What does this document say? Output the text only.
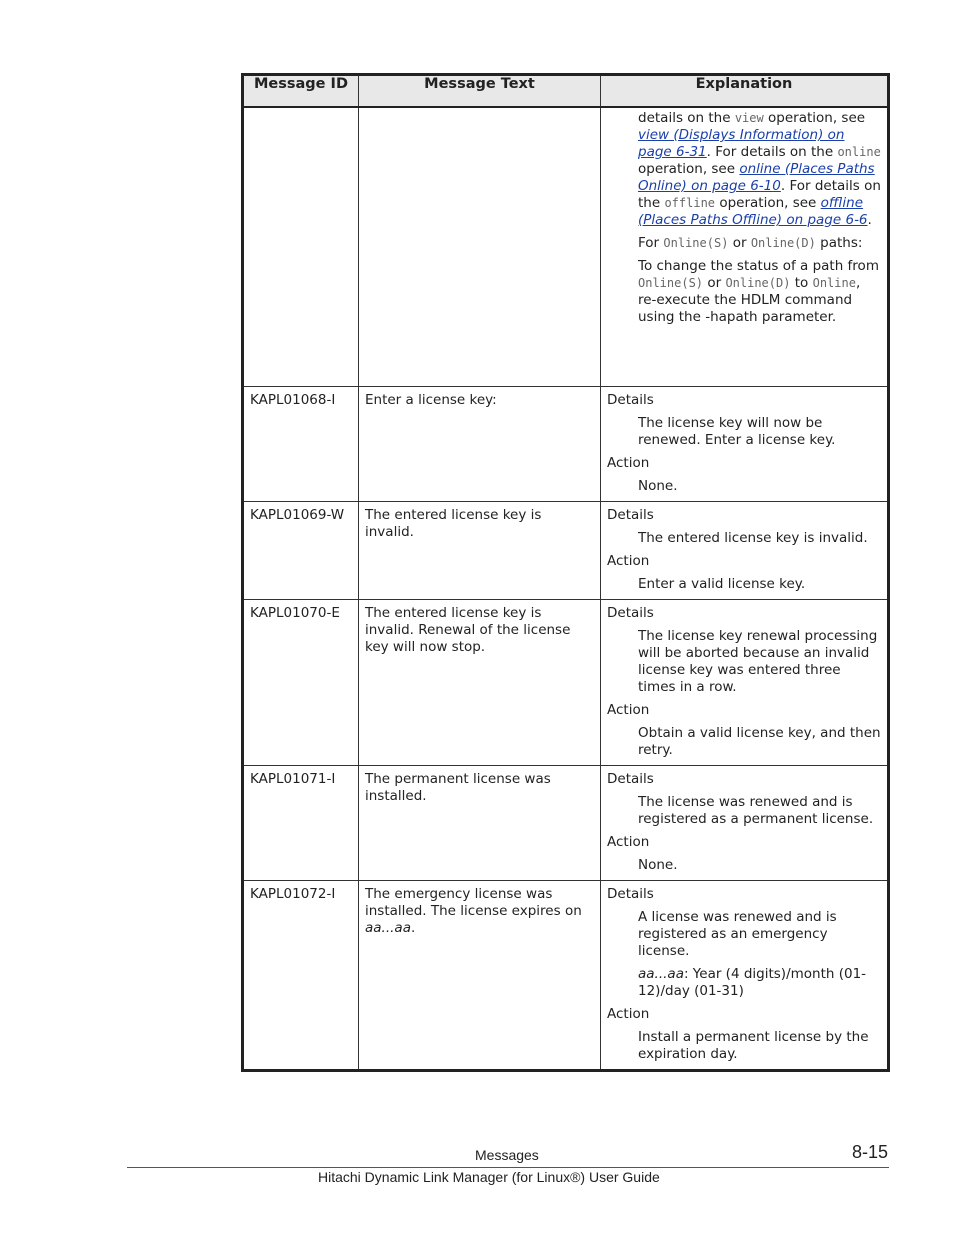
Message ID	Message Text	Explanation

		details on the view operation, see view (Displays Information) on page 6-31. For details on the online operation, see online (Places Paths Online) on page 6-10. For details on the offline operation, see offline (Places Paths Offline) on page 6-6.

For Online(S) or Online(D) paths:

To change the status of a path from Online(S) or Online(D) to Online, re-execute the HDLM command using the -hapath parameter.

KAPL01068-I	Enter a license key:	Details

The license key will now be renewed. Enter a license key.

Action

None.

KAPL01069-W	The entered license key is invalid.	Details

The entered license key is invalid.

Action

Enter a valid license key.

KAPL01070-E	The entered license key is invalid. Renewal of the license key will now stop.	Details

The license key renewal processing will be aborted because an invalid license key was entered three times in a row.

Action

Obtain a valid license key, and then retry.

KAPL01071-I	The permanent license was installed.	Details

The license was renewed and is registered as a permanent license.

Action

None.

KAPL01072-I	The emergency license was installed. The license expires on aa...aa.	Details

A license was renewed and is registered as an emergency license.

aa...aa: Year (4 digits)/month (01-12)/day (01-31)

Action

Install a permanent license by the expiration day.

Messages	8-15
Hitachi Dynamic Link Manager (for Linux®) User Guide
